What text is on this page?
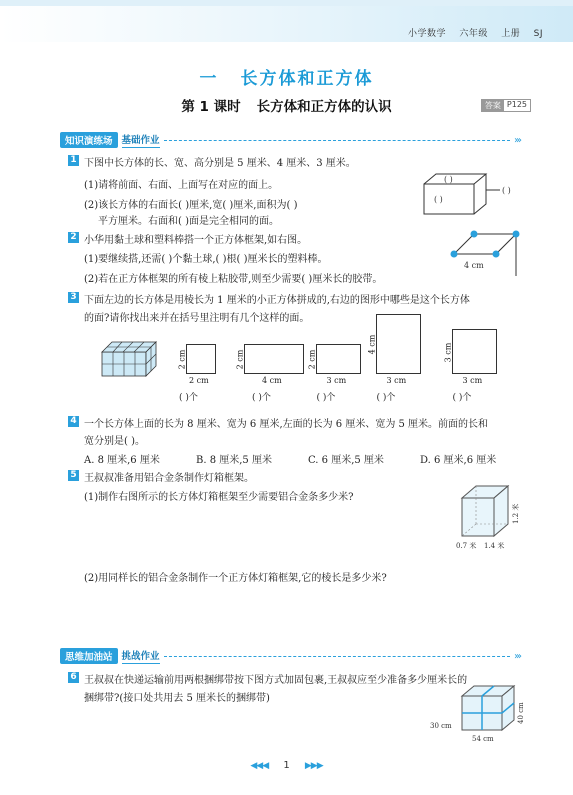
小学数学 六年级 上册 SJ
一 长方体和正方体
第 1 课时 长方体和正方体的认识	答案 P125
知识演练场 基础作业	›››
1 下图中长方体的长、宽、高分别是 5 厘米、4 厘米、3 厘米。
(1)请将前面、右面、上面写在对应的面上。
(2)该长方体的右面长( )厘米,宽( )厘米,面积为( )
平方厘米。右面和( )面是完全相同的面。
( )
( )
( )
2 小华用黏土球和塑料棒搭一个正方体框架,如右图。
(1)要继续搭,还需( )个黏土球,( )根( )厘米长的塑料棒。
(2)若在正方体框架的所有棱上粘胶带,则至少需要( )厘米长的胶带。
4 cm
3 下面左边的长方体是用棱长为 1 厘米的小正方体拼成的,右边的图形中哪些是这个长方体
的面?请你找出来并在括号里注明有几个这样的面。
2 cm
2 cm
( )个
2 cm
4 cm
( )个
2 cm
3 cm
( )个
4 cm
3 cm
( )个
3 cm
3 cm
( )个
4 一个长方体上面的长为 8 厘米、宽为 6 厘米,左面的长为 6 厘米、宽为 5 厘米。前面的长和
宽分别是( )。
A. 8 厘米,6 厘米	B. 8 厘米,5 厘米	C. 6 厘米,5 厘米	D. 6 厘米,6 厘米
5 王叔叔准备用铝合金条制作灯箱框架。
(1)制作右图所示的长方体灯箱框架至少需要铝合金条多少米?
(2)用同样长的铝合金条制作一个正方体灯箱框架,它的棱长是多少米?
1.2 米
0.7 米 1.4 米
思维加油站 挑战作业	›››
6 王叔叔在快递运输前用两根捆绑带按下图方式加固包裹,王叔叔应至少准备多少厘米长的
捆绑带?(接口处共用去 5 厘米长的捆绑带)
30 cm
40 cm
54 cm
◀◀◀ 1 ▶▶▶
